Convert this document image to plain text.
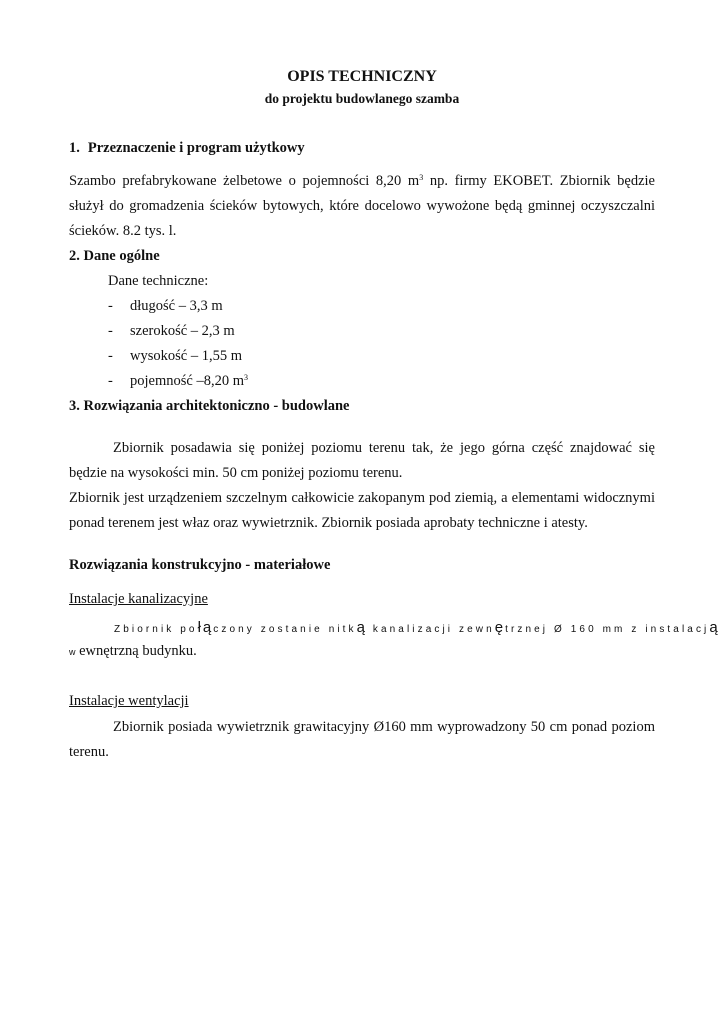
OPIS TECHNICZNY
do projektu budowlanego szamba
1. Przeznaczenie i program użytkowy
Szambo prefabrykowane żelbetowe o pojemności 8,20 $m^3$ np. firmy EKOBET. Zbiornik będzie
służył do gromadzenia ścieków bytowych, które docelowo wywożone będą gminnej oczyszczalni
ścieków. 8.2 tys. l.
2. Dane ogólne
Dane techniczne:
- długość – 3,3 m
- szerokość – 2,3 m
- wysokość – 1,55 m
- pojemność –8,20 $m^3$
3. Rozwiązania architektoniczno - budowlane
Zbiornik posadawia się poniżej poziomu terenu tak, że jego górna część znajdować się
będzie na wysokości min. 50 cm poniżej poziomu terenu.
Zbiornik jest urządzeniem szczelnym całkowicie zakopanym pod ziemią, a elementami widocznymi
ponad terenem jest właz oraz wywietrznik. Zbiornik posiada aprobaty techniczne i atesty.
Rozwiązania konstrukcyjno - materiałowe
Instalacje kanalizacyjne
Zbiornik połączony zostanie nitką kanalizacji zewnętrznej Ø 160 mm z instalacją
w ewnętrzną budynku.
Instalacje wentylacji
Zbiornik posiada wywietrznik grawitacyjny Ø160 mm wyprowadzony 50 cm ponad poziom
terenu.
